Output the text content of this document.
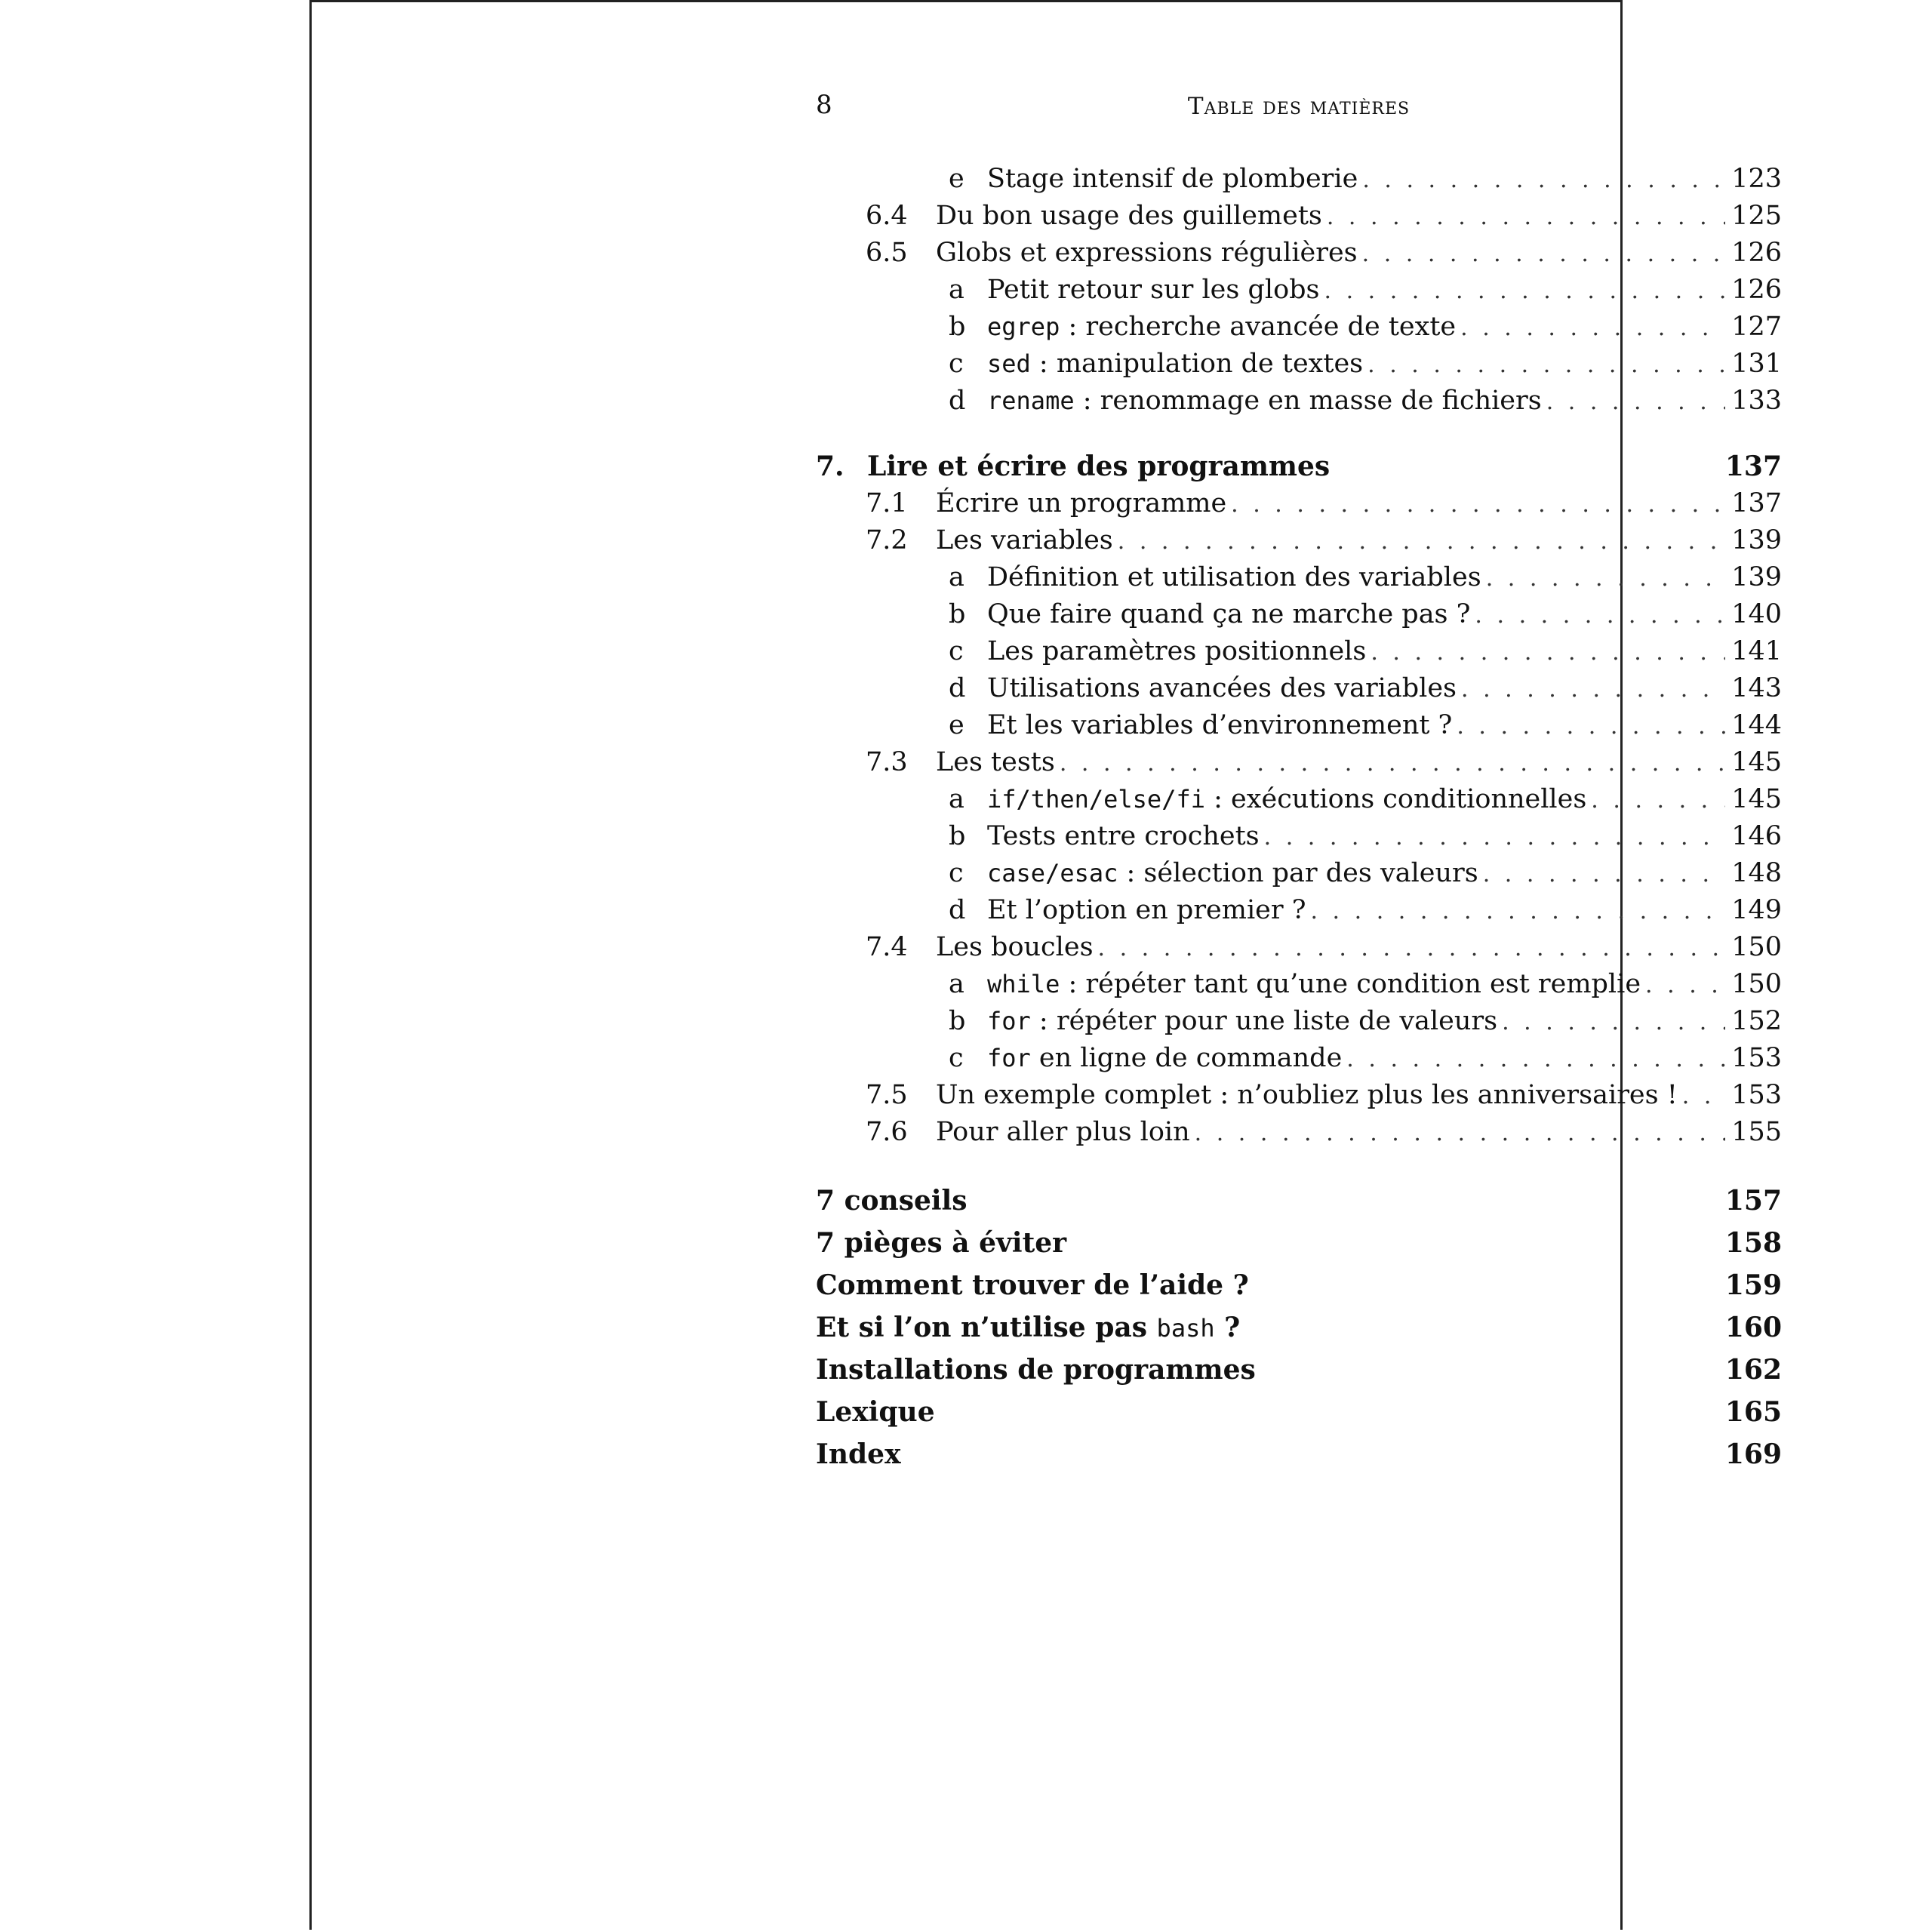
8	Table des matières
e Stage intensif de plomberie . . .	123
6.4	Du bon usage des guillemets . . .	125
6.5	Globs et expressions régulières . . .	126
a Petit retour sur les globs . . .	126
b egrep : recherche avancée de texte . . .	127
c sed : manipulation de textes . . .	131
d rename : renommage en masse de fichiers . . .	133
7. Lire et écrire des programmes	137
7.1	Écrire un programme . . .	137
7.2	Les variables . . .	139
a Définition et utilisation des variables . . .	139
b Que faire quand ça ne marche pas ? . . .	140
c Les paramètres positionnels . . .	141
d Utilisations avancées des variables . . .	143
e Et les variables d’environnement ? . . .	144
7.3	Les tests . . .	145
a if/then/else/fi : exécutions conditionnelles . . .	145
b Tests entre crochets . . .	146
c case/esac : sélection par des valeurs . . .	148
d Et l’option en premier ? . . .	149
7.4	Les boucles . . .	150
a while : répéter tant qu’une condition est remplie . . .	150
b for : répéter pour une liste de valeurs . . .	152
c for en ligne de commande . . .	153
7.5	Un exemple complet : n’oubliez plus les anniversaires ! . . . 153
7.6	Pour aller plus loin . . .	155
7 conseils	157
7 pièges à éviter	158
Comment trouver de l’aide ?	159
Et si l’on n’utilise pas bash ?	160
Installations de programmes	162
Lexique	165
Index	169
